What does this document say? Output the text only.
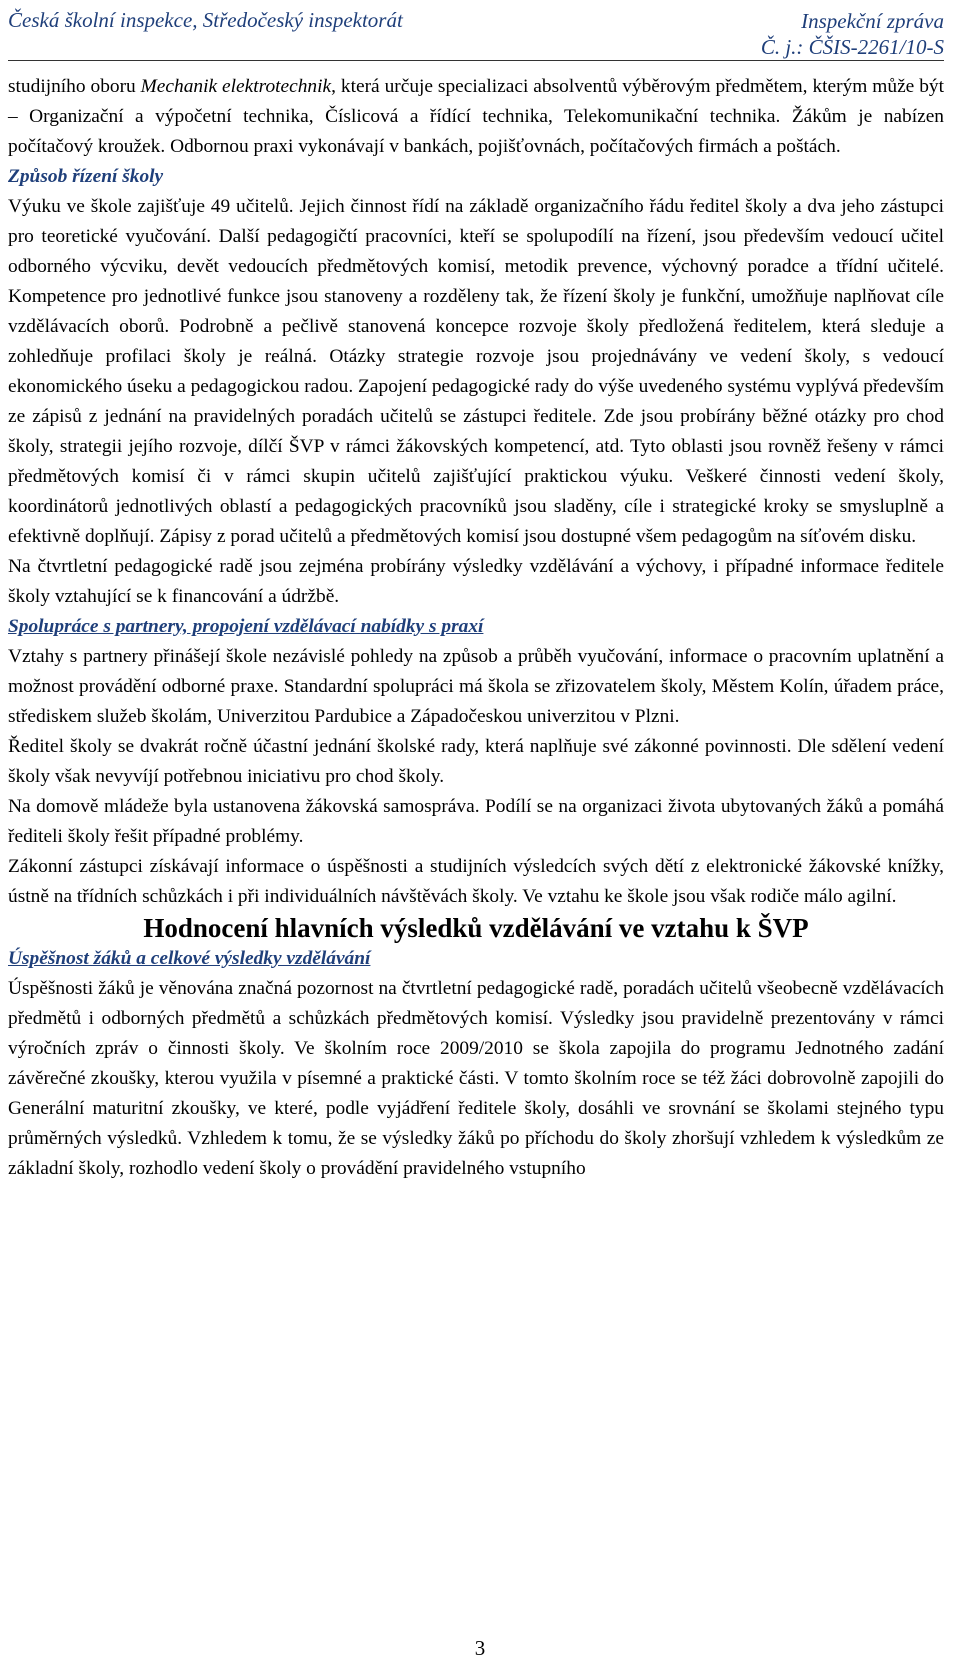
Česká školní inspekce, Středočeský inspektorát	Inspekční zpráva
Č. j.: ČŠIS-2261/10-S

studijního oboru Mechanik elektrotechnik, která určuje specializaci absolventů výběrovým předmětem, kterým může být – Organizační a výpočetní technika, Číslicová a řídící technika, Telekomunikační technika. Žákům je nabízen počítačový kroužek. Odbornou praxi vykonávají v bankách, pojišťovnách, počítačových firmách a poštách.

Způsob řízení školy

Výuku ve škole zajišťuje 49 učitelů. Jejich činnost řídí na základě organizačního řádu ředitel školy a dva jeho zástupci pro teoretické vyučování. Další pedagogičtí pracovníci, kteří se spolupodílí na řízení, jsou především vedoucí učitel odborného výcviku, devět vedoucích předmětových komisí, metodik prevence, výchovný poradce a třídní učitelé. Kompetence pro jednotlivé funkce jsou stanoveny a rozděleny tak, že řízení školy je funkční, umožňuje naplňovat cíle vzdělávacích oborů. Podrobně a pečlivě stanovená koncepce rozvoje školy předložená ředitelem, která sleduje a zohledňuje profilaci školy je reálná. Otázky strategie rozvoje jsou projednávány ve vedení školy, s vedoucí ekonomického úseku a pedagogickou radou. Zapojení pedagogické rady do výše uvedeného systému vyplývá především ze zápisů z jednání na pravidelných poradách učitelů se zástupci ředitele. Zde jsou probírány běžné otázky pro chod školy, strategii jejího rozvoje, dílčí ŠVP v rámci žákovských kompetencí, atd. Tyto oblasti jsou rovněž řešeny v rámci předmětových komisí či v rámci skupin učitelů zajišťující praktickou výuku. Veškeré činnosti vedení školy, koordinátorů jednotlivých oblastí a pedagogických pracovníků jsou sladěny, cíle i strategické kroky se smysluplně a efektivně doplňují. Zápisy z porad učitelů a předmětových komisí jsou dostupné všem pedagogům na síťovém disku.

Na čtvrtletní pedagogické radě jsou zejména probírány výsledky vzdělávání a výchovy, i případné informace ředitele školy vztahující se k financování a údržbě.

Spolupráce s partnery, propojení vzdělávací nabídky s praxí

Vztahy s partnery přinášejí škole nezávislé pohledy na způsob a průběh vyučování, informace o pracovním uplatnění a možnost provádění odborné praxe. Standardní spolupráci má škola se zřizovatelem školy, Městem Kolín, úřadem práce, střediskem služeb školám, Univerzitou Pardubice a Západočeskou univerzitou v Plzni.

Ředitel školy se dvakrát ročně účastní jednání školské rady, která naplňuje své zákonné povinnosti. Dle sdělení vedení školy však nevyvíjí potřebnou iniciativu pro chod školy.

Na domově mládeže byla ustanovena žákovská samospráva. Podílí se na organizaci života ubytovaných žáků a pomáhá řediteli školy řešit případné problémy.

Zákonní zástupci získávají informace o úspěšnosti a studijních výsledcích svých dětí z elektronické žákovské knížky, ústně na třídních schůzkách i při individuálních návštěvách školy. Ve vztahu ke škole jsou však rodiče málo agilní.

Hodnocení hlavních výsledků vzdělávání ve vztahu k ŠVP

Úspěšnost žáků a celkové výsledky vzdělávání

Úspěšnosti žáků je věnována značná pozornost na čtvrtletní pedagogické radě, poradách učitelů všeobecně vzdělávacích předmětů i odborných předmětů a schůzkách předmětových komisí. Výsledky jsou pravidelně prezentovány v rámci výročních zpráv o činnosti školy. Ve školním roce 2009/2010 se škola zapojila do programu Jednotného zadání závěrečné zkoušky, kterou využila v písemné a praktické části. V tomto školním roce se též žáci dobrovolně zapojili do Generální maturitní zkoušky, ve které, podle vyjádření ředitele školy, dosáhli ve srovnání se školami stejného typu průměrných výsledků. Vzhledem k tomu, že se výsledky žáků po příchodu do školy zhoršují vzhledem k výsledkům ze základní školy, rozhodlo vedení školy o provádění pravidelného vstupního

3
